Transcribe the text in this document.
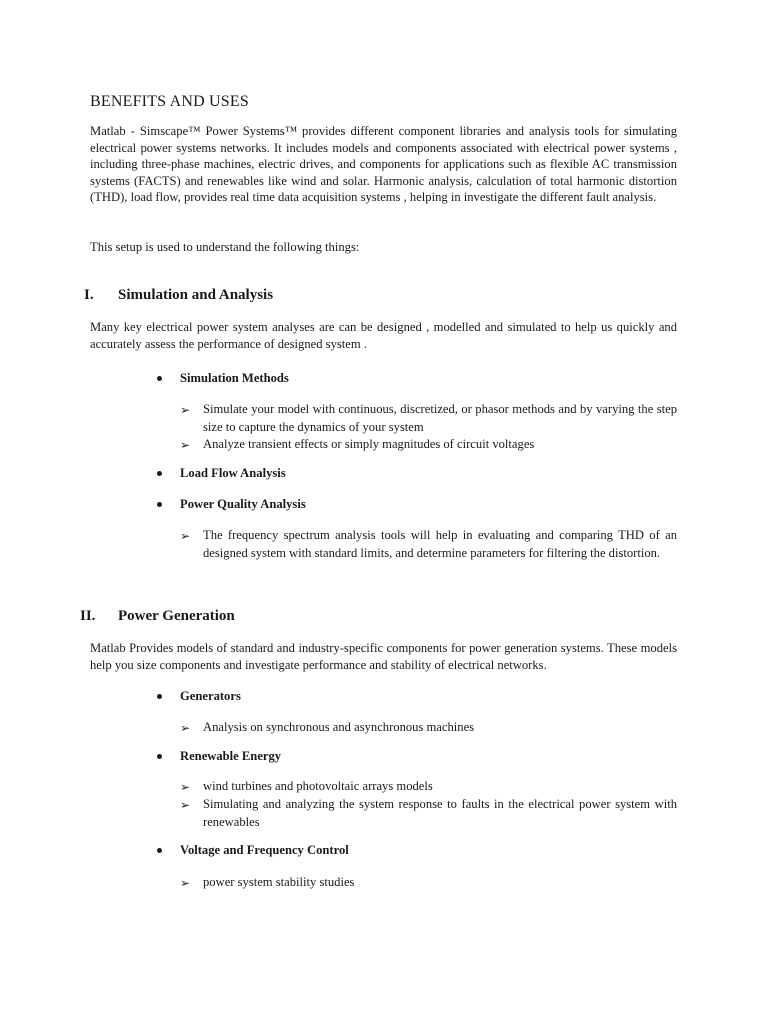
BENEFITS AND USES
Matlab - Simscape™ Power Systems™ provides different component libraries and analysis tools for simulating electrical power systems networks. It includes models and components associated with electrical power systems , including three-phase machines, electric drives, and components for applications such as flexible AC transmission systems (FACTS) and renewables like wind and solar. Harmonic analysis, calculation of total harmonic distortion (THD), load flow, provides real time data acquisition systems , helping in investigate the different fault analysis.
This setup is used to understand the following things:
I. Simulation and Analysis
Many key electrical power system analyses are can be designed , modelled and simulated to help us quickly and accurately assess the performance of designed system .
Simulation Methods
➢ Simulate your model with continuous, discretized, or phasor methods and by varying the step size to capture the dynamics of your system
➢ Analyze transient effects or simply magnitudes of circuit voltages
Load Flow Analysis
Power Quality Analysis
➢ The frequency spectrum analysis tools will help in evaluating and comparing THD of an designed system with standard limits, and determine parameters for filtering the distortion.
II. Power Generation
Matlab Provides models of standard and industry-specific components for power generation systems. These models help you size components and investigate performance and stability of electrical networks.
Generators
➢ Analysis on synchronous and asynchronous machines
Renewable Energy
➢ wind turbines and photovoltaic arrays models
➢ Simulating and analyzing the system response to faults in the electrical power system with renewables
Voltage and Frequency Control
➢ power system stability studies
